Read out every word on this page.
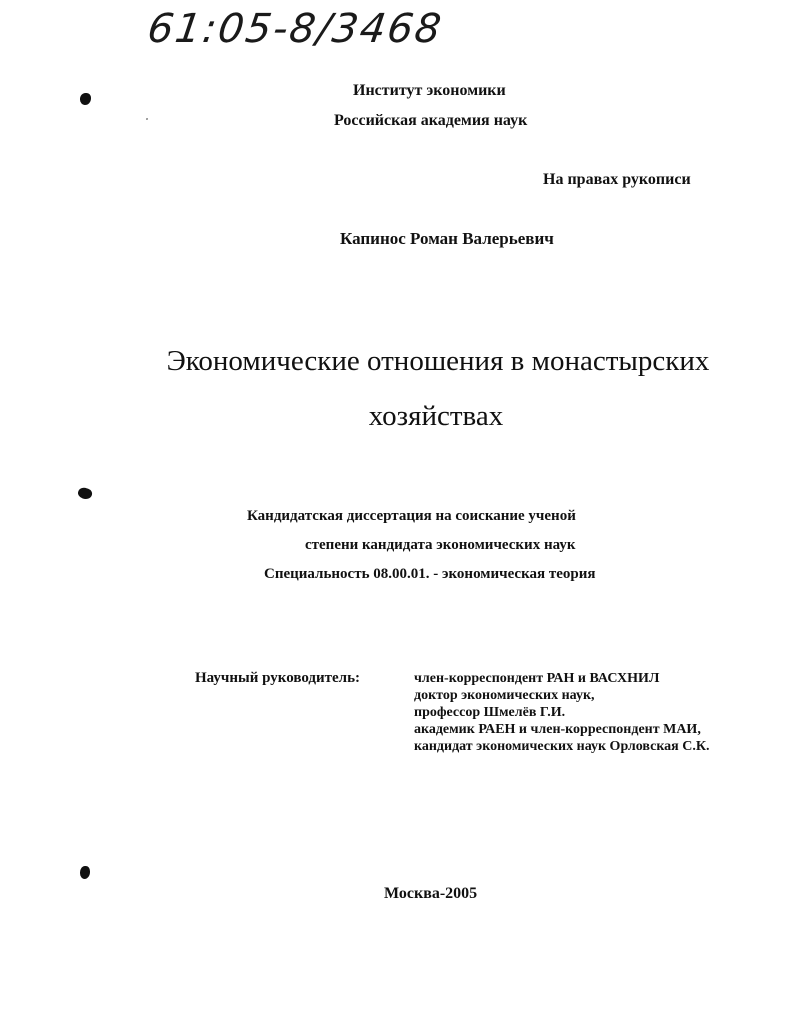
61:05-8/3468
Институт экономики
Российская академия наук
На правах рукописи
Капинос Роман Валерьевич
Экономические отношения в монастырских
хозяйствах
Кандидатская диссертация на соискание ученой
степени кандидата экономических наук
Специальность 08.00.01. - экономическая теория
Научный руководитель:	член-корреспондент РАН и ВАСХНИЛ
доктор экономических наук,
профессор Шмелёв Г.И.
академик РАЕН и член-корреспондент МАИ,
кандидат экономических наук Орловская С.К.
Москва-2005
